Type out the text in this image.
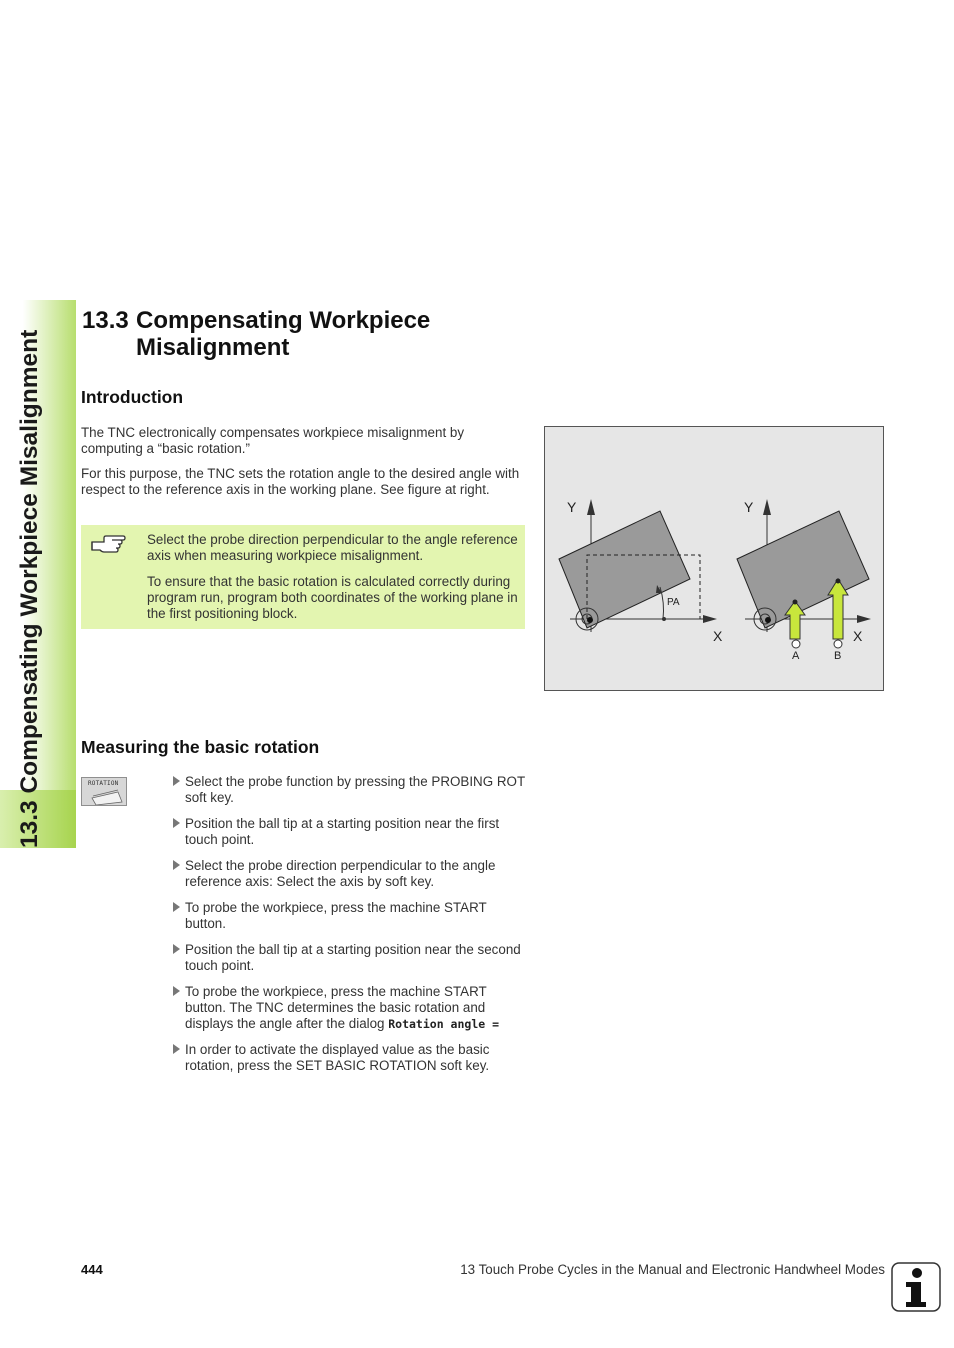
13.3 Compensating Workpiece Misalignment
13.3 Compensating Workpiece
Misalignment
Introduction

The TNC electronically compensates workpiece misalignment by computing a “basic rotation.”

For this purpose, the TNC sets the rotation angle to the desired angle with respect to the reference axis in the working plane. See figure at right.

Select the probe direction perpendicular to the angle reference axis when measuring workpiece misalignment.

To ensure that the basic rotation is calculated correctly during program run, program both coordinates of the working plane in the first positioning block.

Y
X
PA
Y
X
A	B
Measuring the basic rotation
ROTATION	Select the probe function by pressing the PROBING ROT soft key.
Position the ball tip at a starting position near the first touch point.
Select the probe direction perpendicular to the angle reference axis: Select the axis by soft key.
To probe the workpiece, press the machine START button.
Position the ball tip at a starting position near the second touch point.
To probe the workpiece, press the machine START button. The TNC determines the basic rotation and displays the angle after the dialog Rotation angle =
In order to activate the displayed value as the basic rotation, press the SET BASIC ROTATION soft key.
444	13 Touch Probe Cycles in the Manual and Electronic Handwheel Modes
